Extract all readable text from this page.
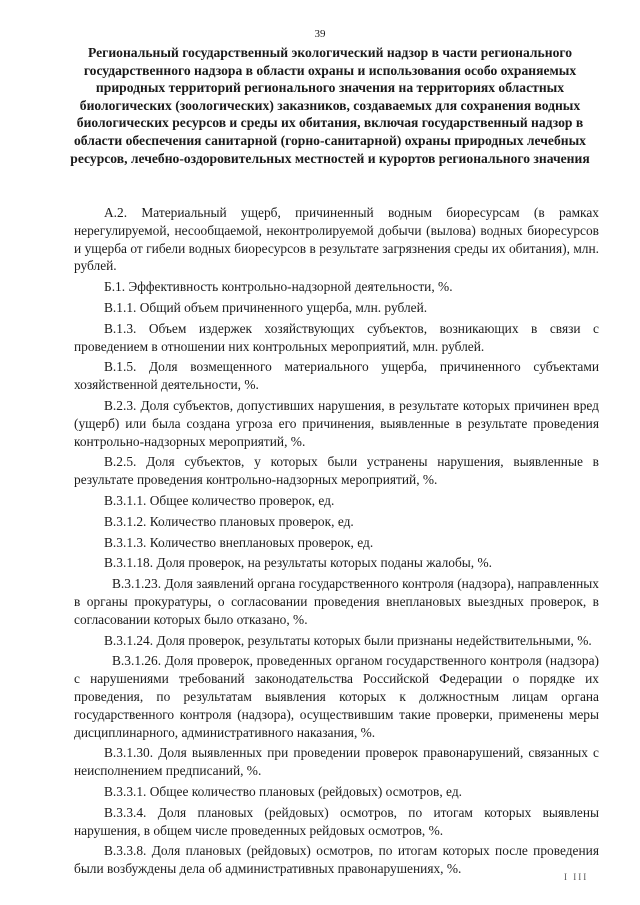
39
Региональный государственный экологический надзор в части регионального государственного надзора в области охраны и использования особо охраняемых природных территорий регионального значения на территориях областных биологических (зоологических) заказников, создаваемых для сохранения водных биологических ресурсов и среды их обитания, включая государственный надзор в области обеспечения санитарной (горно-санитарной) охраны природных лечебных ресурсов, лечебно-оздоровительных местностей и курортов регионального значения

А.2. Материальный ущерб, причиненный водным биоресурсам (в рамках нерегулируемой, несообщаемой, неконтролируемой добычи (вылова) водных биоресурсов и ущерба от гибели водных биоресурсов в результате загрязнения среды их обитания), млн. рублей.

Б.1. Эффективность контрольно-надзорной деятельности, %.

В.1.1. Общий объем причиненного ущерба, млн. рублей.

В.1.3. Объем издержек хозяйствующих субъектов, возникающих в связи с проведением в отношении них контрольных мероприятий, млн. рублей.

В.1.5. Доля возмещенного материального ущерба, причиненного субъектами хозяйственной деятельности, %.

В.2.3. Доля субъектов, допустивших нарушения, в результате которых причинен вред (ущерб) или была создана угроза его причинения, выявленные в результате проведения контрольно-надзорных мероприятий, %.

В.2.5. Доля субъектов, у которых были устранены нарушения, выявленные в результате проведения контрольно-надзорных мероприятий, %.

В.3.1.1. Общее количество проверок, ед.

В.3.1.2. Количество плановых проверок, ед.

В.3.1.3. Количество внеплановых проверок, ед.

В.3.1.18. Доля проверок, на результаты которых поданы жалобы, %.

В.3.1.23. Доля заявлений органа государственного контроля (надзора), направленных в органы прокуратуры, о согласовании проведения внеплановых выездных проверок, в согласовании которых было отказано, %.

В.3.1.24. Доля проверок, результаты которых были признаны недействительными, %.

В.3.1.26. Доля проверок, проведенных органом государственного контроля (надзора) с нарушениями требований законодательства Российской Федерации о порядке их проведения, по результатам выявления которых к должностным лицам органа государственного контроля (надзора), осуществившим такие проверки, применены меры дисциплинарного, административного наказания, %.

В.3.1.30. Доля выявленных при проведении проверок правонарушений, связанных с неисполнением предписаний, %.

В.3.3.1. Общее количество плановых (рейдовых) осмотров, ед.

В.3.3.4. Доля плановых (рейдовых) осмотров, по итогам которых выявлены нарушения, в общем числе проведенных рейдовых осмотров, %.

В.3.3.8. Доля плановых (рейдовых) осмотров, по итогам которых после проведения были возбуждены дела об административных правонарушениях, %.

I III
